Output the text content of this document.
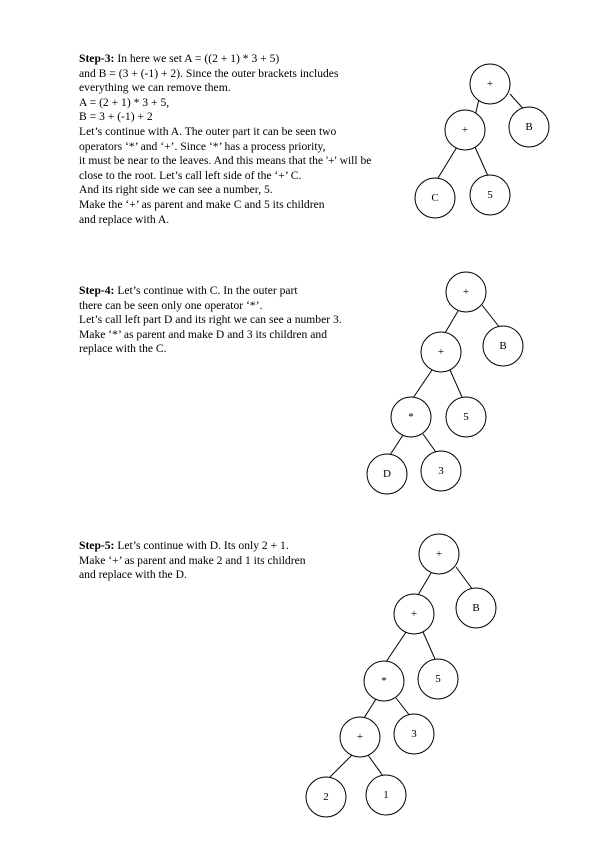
Step-3: In here we set A = ((2 + 1) * 3 + 5)

and B = (3 + (-1) + 2). Since the outer brackets includes

everything we can remove them.

A = (2 + 1) * 3 + 5,

B = 3 + (-1) + 2

Let’s continue with A. The outer part it can be seen two

operators ‘*’ and ‘+’. Since ‘*’ has a process priority,

it must be near to the leaves. And this means that the '+' will be

close to the root. Let’s call left side of the ‘+’ C.

And its right side we can see a number, 5.

Make the ‘+’ as parent and make C and 5 its children

and replace with A.

Step-4: Let’s continue with C. In the outer part

there can be seen only one operator ‘*’.

Let’s call left part D and its right we can see a number 3.

Make ‘*’ as parent and make D and 3 its children and

replace with the C.

Step-5: Let’s continue with D. Its only 2 + 1.

Make ‘+’ as parent and make 2 and 1 its children

and replace with the D.

+
+	B
C	5
+
+	B
*	5
D	3
+
+	B
*	5
+	3
2	1
